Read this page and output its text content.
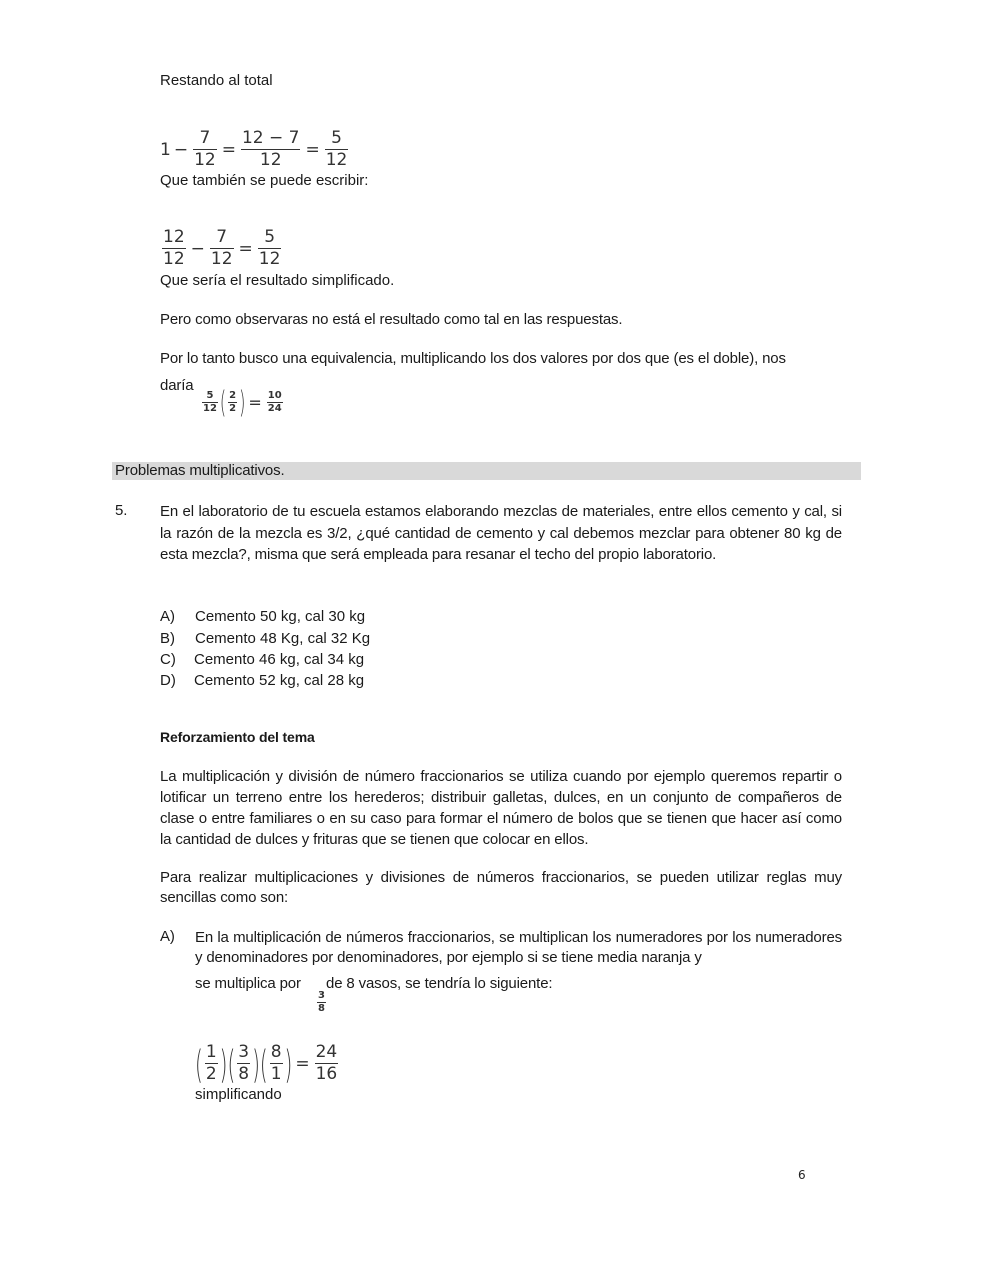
Restando al total
$1 - \frac{7}{12} = \frac{12 - 7}{12} = \frac{5}{12}$
Que también se puede escribir:
$\frac{12}{12} - \frac{7}{12} = \frac{5}{12}$
Que sería el resultado simplificado.
Pero como observaras no está el resultado como tal en las respuestas.
Por lo tanto busco una equivalencia, multiplicando los dos valores por dos que (es el doble), nos
daría
$\frac{5}{12}$ ( $\frac{2}{2}$ ) = $\frac{10}{24}$
Problemas multiplicativos.
5. En el laboratorio de tu escuela estamos elaborando mezclas de materiales, entre ellos cemento y cal, si la razón de la mezcla es 3/2, ¿qué cantidad de cemento y cal debemos mezclar para obtener 80 kg de esta mezcla?, misma que será empleada para resanar el techo del propio laboratorio.
A) Cemento 50 kg, cal 30 kg
B) Cemento 48 Kg, cal 32 Kg
C) Cemento 46 kg, cal 34 kg
D) Cemento 52 kg, cal 28 kg
Reforzamiento del tema
La multiplicación y división de número fraccionarios se utiliza cuando por ejemplo queremos repartir o lotificar un terreno entre los herederos; distribuir galletas, dulces, en un conjunto de compañeros de clase o entre familiares o en su caso para formar el número de bolos que se tienen que hacer así como la cantidad de dulces y frituras que se tienen que colocar en ellos.
Para realizar multiplicaciones y divisiones de números fraccionarios, se pueden utilizar reglas muy sencillas como son:
A) En la multiplicación de números fraccionarios, se multiplican los numeradores por los numeradores y denominadores por denominadores, por ejemplo si se tiene media naranja y
se multiplica por
$\frac{3}{8}$
de 8 vasos, se tendría lo siguiente:
( $\frac{1}{2}$ ) ( $\frac{3}{8}$ ) ( $\frac{8}{1}$ ) = $\frac{24}{16}$
simplificando
6
